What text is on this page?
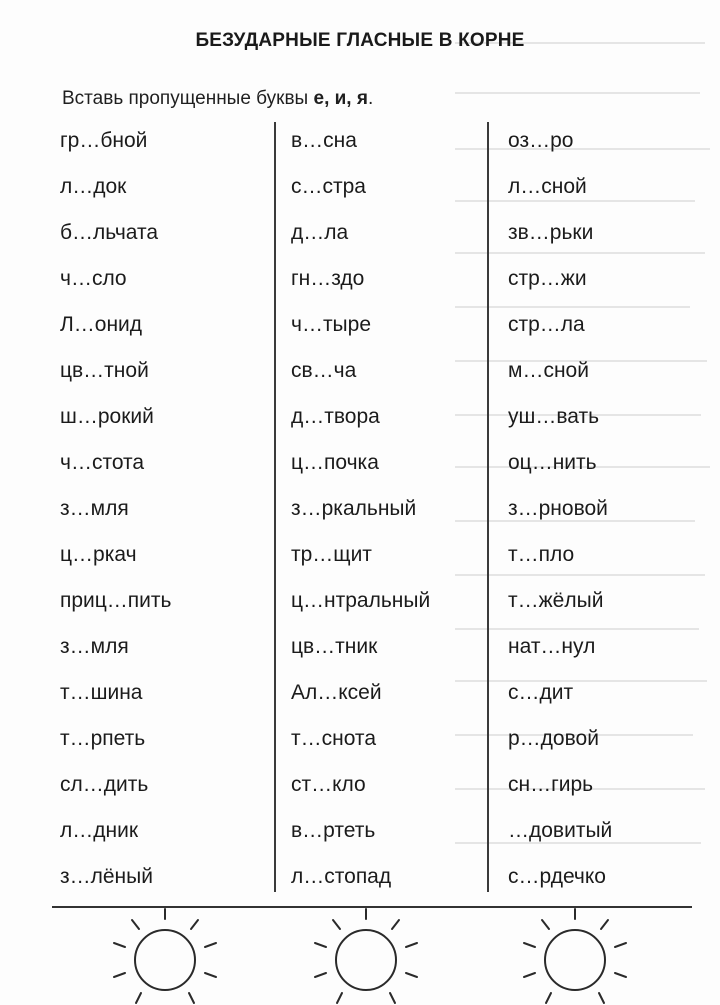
БЕЗУДАРНЫЕ ГЛАСНЫЕ В КОРНЕ
Вставь пропущенные буквы е, и, я.
гр…бной
л…док
б…льчата
ч…сло
Л…онид
цв…тной
ш…рокий
ч…стота
з…мля
ц…ркач
приц…пить
з…мля
т…шина
т…рпеть
сл…дить
л…дник
з…лёный
в…сна
с…стра
д…ла
гн…здо
ч…тыре
св…ча
д…твора
ц…почка
з…ркальный
тр…щит
ц…нтральный
цв…тник
Ал…ксей
т…снота
ст…кло
в…ртеть
л…стопад
оз…ро
л…сной
зв…рьки
стр…жи
стр…ла
м…сной
уш…вать
оц…нить
з…рновой
т…пло
т…жёлый
нат…нул
с…дит
р…довой
сн…гирь
…довитый
с…рдечко
